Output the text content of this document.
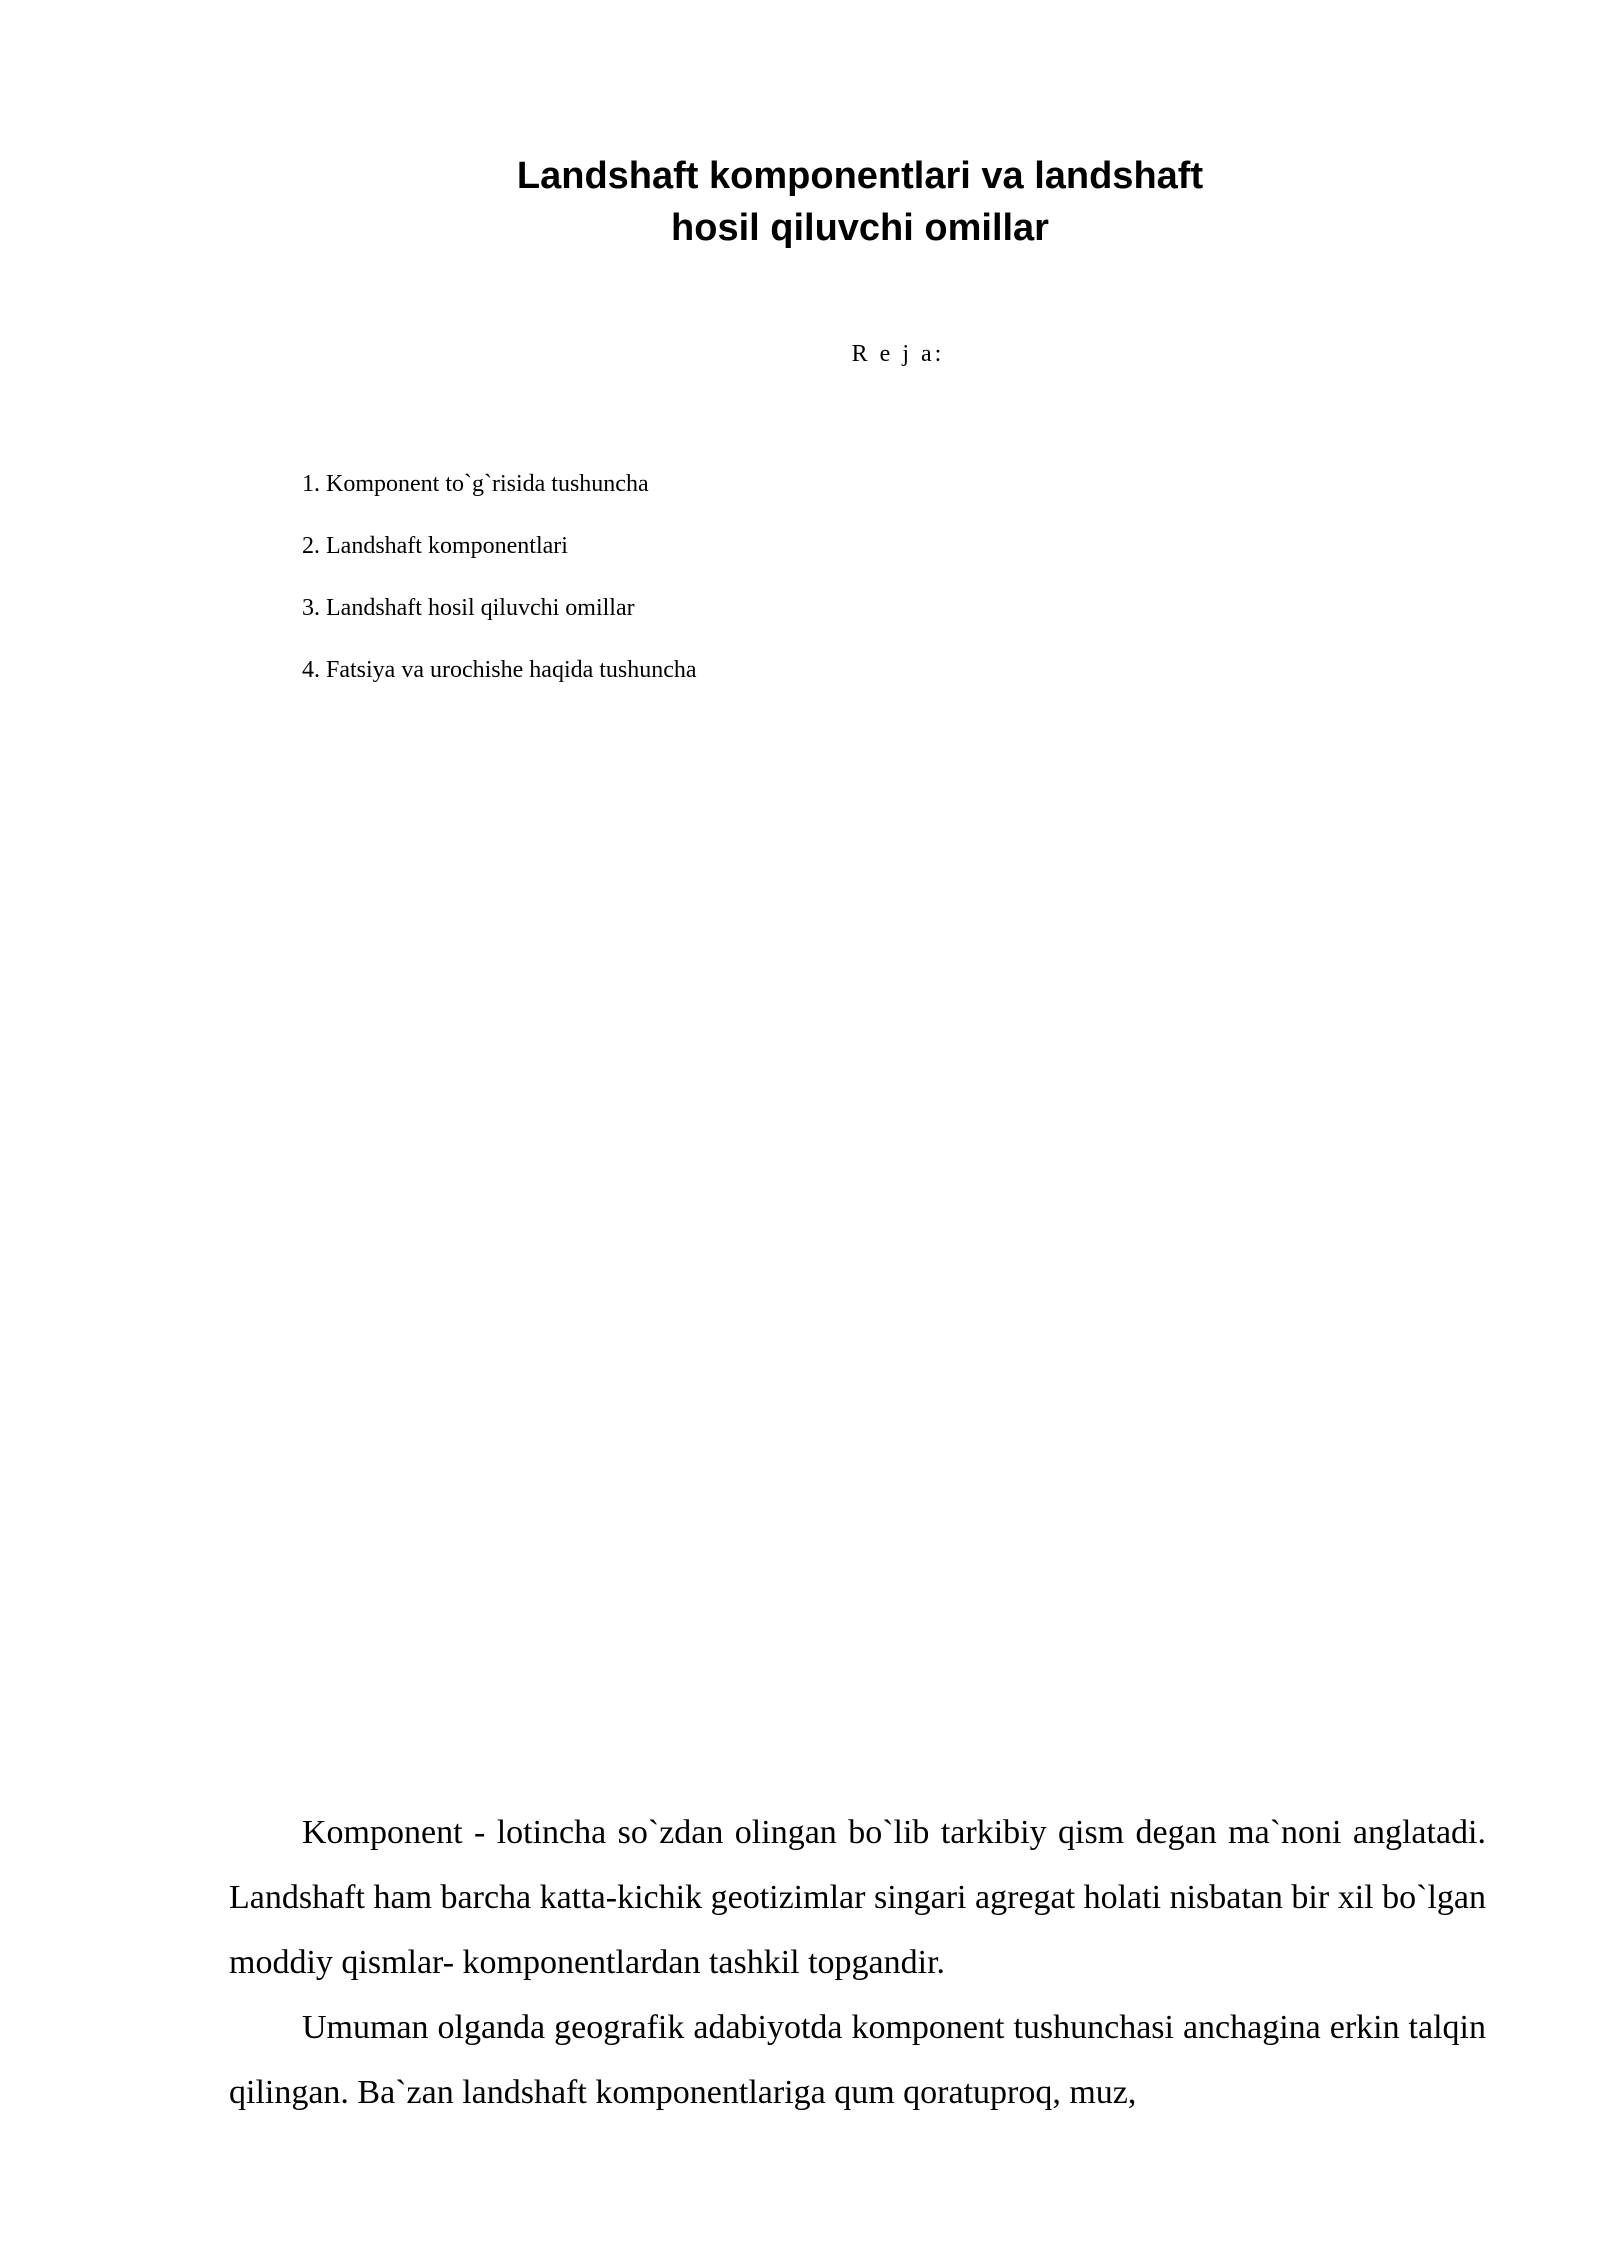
Landshaft komponentlari va landshaft
hosil qiluvchi omillar
R e j a:
1. Komponent to`g`risida tushuncha
2. Landshaft komponentlari
3. Landshaft hosil qiluvchi omillar
4. Fatsiya va urochishe haqida tushuncha

Komponent - lotincha so`zdan olingan bo`lib tarkibiy qism degan ma`noni anglatadi. Landshaft ham barcha katta-kichik geotizimlar singari agregat holati nisbatan bir xil bo`lgan moddiy qismlar- komponentlardan tashkil topgandir.

Umuman olganda geografik adabiyotda komponent tushunchasi anchagina erkin talqin qilingan. Ba`zan landshaft komponentlariga qum qoratuproq, muz,
